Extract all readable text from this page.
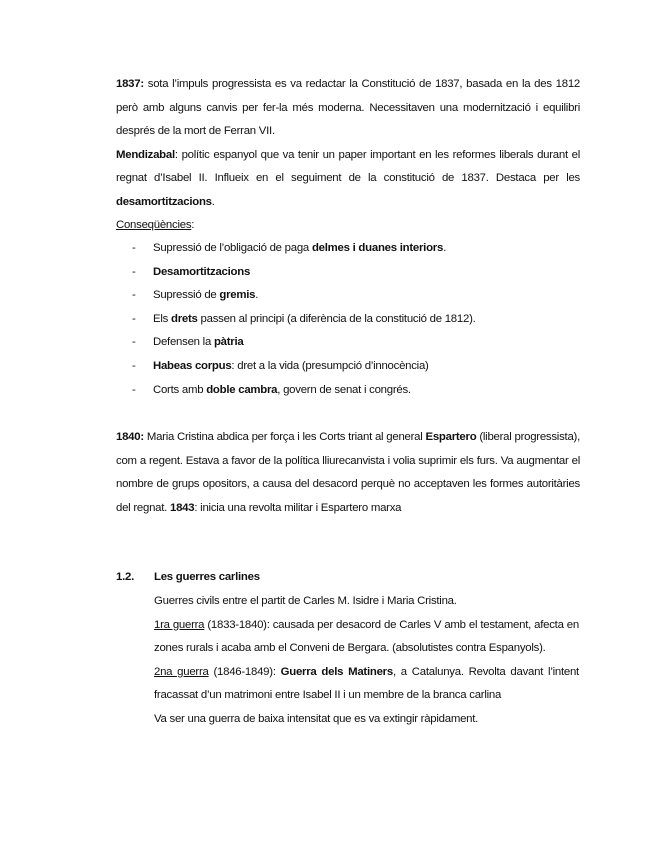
1837: sota l’impuls progressista es va redactar la Constitució de 1837, basada en la des 1812 però amb alguns canvis per fer-la més moderna. Necessitaven una modernització i equilibri després de la mort de Ferran VII.

Mendizabal: polític espanyol que va tenir un paper important en les reformes liberals durant el regnat d’Isabel II. Influeix en el seguiment de la constitució de 1837. Destaca per les desamortitzacions.

Conseqüències:
- Supressió de l’obligació de paga delmes i duanes interiors.
- Desamortitzacions
- Supressió de gremis.
- Els drets passen al principi (a diferència de la constitució de 1812).
- Defensen la pàtria
- Habeas corpus: dret a la vida (presumpció d’innocència)
- Corts amb doble cambra, govern de senat i congrés.

1840: Maria Cristina abdica per força i les Corts triant al general Espartero (liberal progressista), com a regent. Estava a favor de la política lliurecanvista i volia suprimir els furs. Va augmentar el nombre de grups opositors, a causa del desacord perquè no acceptaven les formes autoritàries del regnat. 1843: inicia una revolta militar i Espartero marxa

1.2. Les guerres carlines

Guerres civils entre el partit de Carles M. Isidre i Maria Cristina.

1ra guerra (1833-1840): causada per desacord de Carles V amb el testament, afecta en zones rurals i acaba amb el Conveni de Bergara. (absolutistes contra Espanyols).

2na guerra (1846-1849): Guerra dels Matiners, a Catalunya. Revolta davant l’intent fracassat d’un matrimoni entre Isabel II i un membre de la branca carlina

Va ser una guerra de baixa intensitat que es va extingir ràpidament.
